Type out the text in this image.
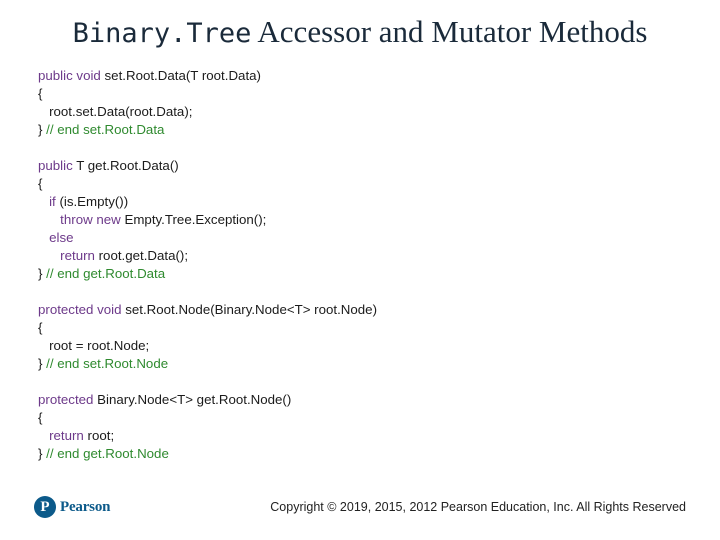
Binary.Tree Accessor and Mutator Methods
public void set.Root.Data(T root.Data)
{
root.set.Data(root.Data);
} // end set.Root.Data
public T get.Root.Data()
{
if (is.Empty())
throw new Empty.Tree.Exception();
else
return root.get.Data();
} // end get.Root.Data
protected void set.Root.Node(Binary.Node<T> root.Node)
{
root = root.Node;
} // end set.Root.Node
protected Binary.Node<T> get.Root.Node()
{
return root;
} // end get.Root.Node
P Pearson	Copyright © 2019, 2015, 2012 Pearson Education, Inc. All Rights Reserved
